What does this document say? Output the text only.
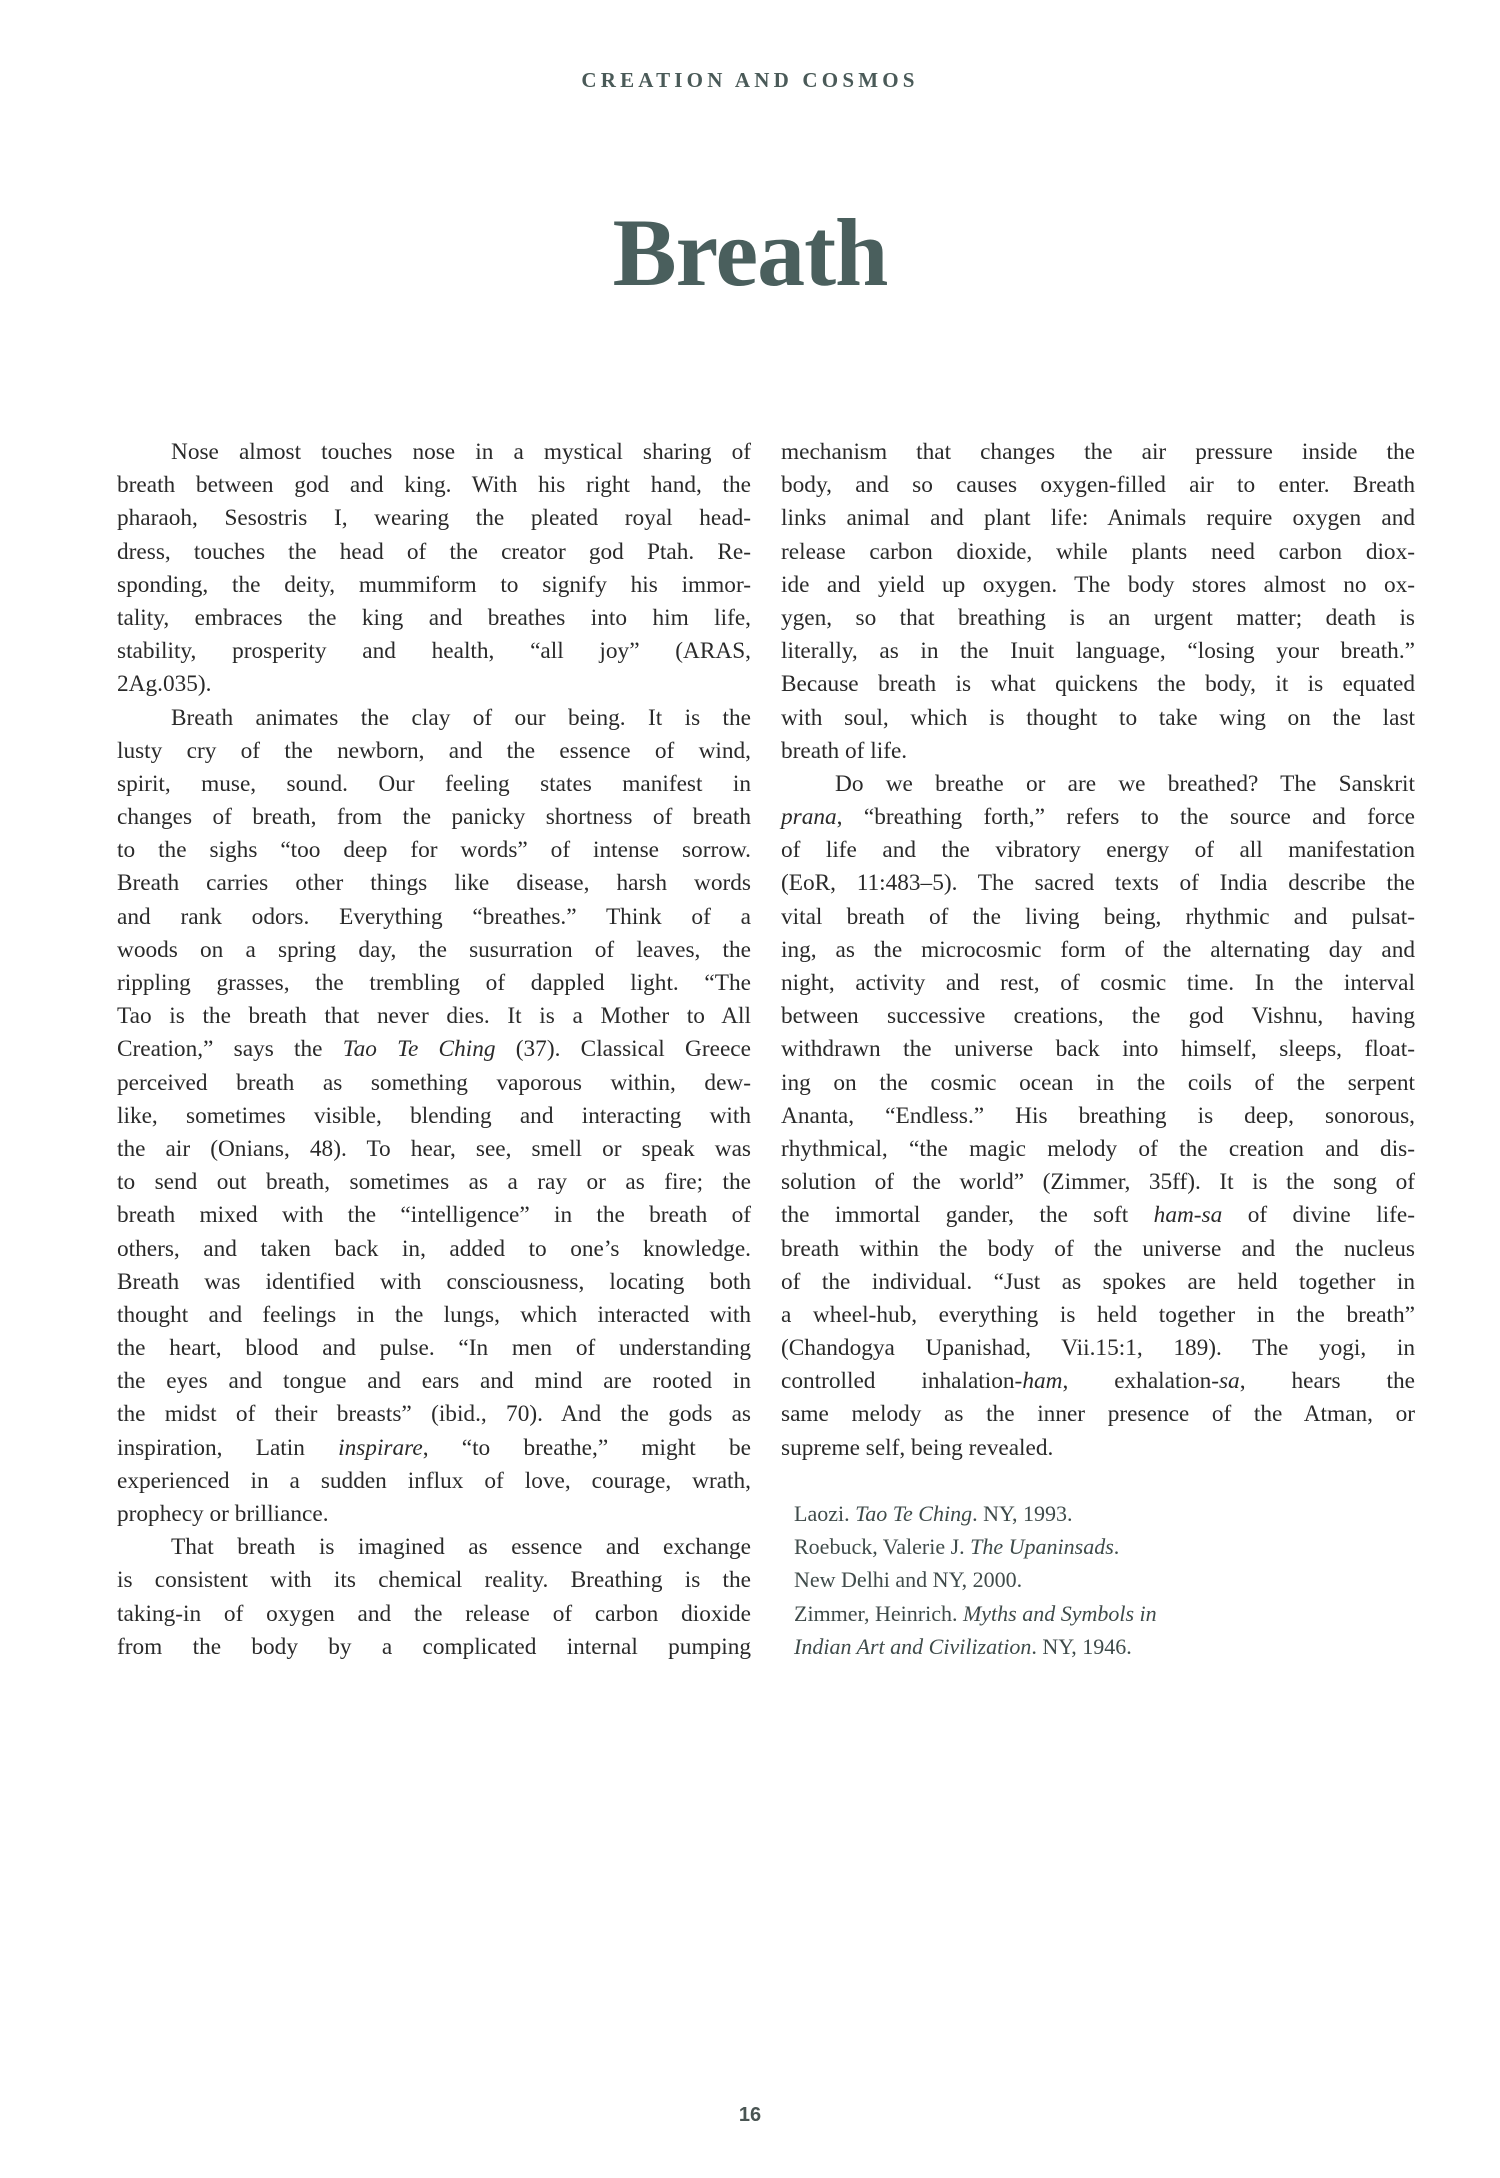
CREATION AND COSMOS
Breath
Nose almost touches nose in a mystical sharing of
breath between god and king. With his right hand, the
pharaoh, Sesostris I, wearing the pleated royal head-
dress, touches the head of the creator god Ptah. Re-
sponding, the deity, mummiform to signify his immor-
tality, embraces the king and breathes into him life,
stability, prosperity and health, “all joy” (ARAS,
2Ag.035).
Breath animates the clay of our being. It is the
lusty cry of the newborn, and the essence of wind,
spirit, muse, sound. Our feeling states manifest in
changes of breath, from the panicky shortness of breath
to the sighs “too deep for words” of intense sorrow.
Breath carries other things like disease, harsh words
and rank odors. Everything “breathes.” Think of a
woods on a spring day, the susurration of leaves, the
rippling grasses, the trembling of dappled light. “The
Tao is the breath that never dies. It is a Mother to All
Creation,” says the Tao Te Ching (37). Classical Greece
perceived breath as something vaporous within, dew-
like, sometimes visible, blending and interacting with
the air (Onians, 48). To hear, see, smell or speak was
to send out breath, sometimes as a ray or as fire; the
breath mixed with the “intelligence” in the breath of
others, and taken back in, added to one’s knowledge.
Breath was identified with consciousness, locating both
thought and feelings in the lungs, which interacted with
the heart, blood and pulse. “In men of understanding
the eyes and tongue and ears and mind are rooted in
the midst of their breasts” (ibid., 70). And the gods as
inspiration, Latin inspirare, “to breathe,” might be
experienced in a sudden influx of love, courage, wrath,
prophecy or brilliance.
That breath is imagined as essence and exchange
is consistent with its chemical reality. Breathing is the
taking-in of oxygen and the release of carbon dioxide
from the body by a complicated internal pumping
mechanism that changes the air pressure inside the
body, and so causes oxygen-filled air to enter. Breath
links animal and plant life: Animals require oxygen and
release carbon dioxide, while plants need carbon diox-
ide and yield up oxygen. The body stores almost no ox-
ygen, so that breathing is an urgent matter; death is
literally, as in the Inuit language, “losing your breath.”
Because breath is what quickens the body, it is equated
with soul, which is thought to take wing on the last
breath of life.
Do we breathe or are we breathed? The Sanskrit
prana, “breathing forth,” refers to the source and force
of life and the vibratory energy of all manifestation
(EoR, 11:483–5). The sacred texts of India describe the
vital breath of the living being, rhythmic and pulsat-
ing, as the microcosmic form of the alternating day and
night, activity and rest, of cosmic time. In the interval
between successive creations, the god Vishnu, having
withdrawn the universe back into himself, sleeps, float-
ing on the cosmic ocean in the coils of the serpent
Ananta, “Endless.” His breathing is deep, sonorous,
rhythmical, “the magic melody of the creation and dis-
solution of the world” (Zimmer, 35ff). It is the song of
the immortal gander, the soft ham-sa of divine life-
breath within the body of the universe and the nucleus
of the individual. “Just as spokes are held together in
a wheel-hub, everything is held together in the breath”
(Chandogya Upanishad, Vii.15:1, 189). The yogi, in
controlled inhalation-ham, exhalation-sa, hears the
same melody as the inner presence of the Atman, or
supreme self, being revealed.
Laozi. Tao Te Ching. NY, 1993.
Roebuck, Valerie J. The Upaninsads.
New Delhi and NY, 2000.
Zimmer, Heinrich. Myths and Symbols in
Indian Art and Civilization. NY, 1946.
16
